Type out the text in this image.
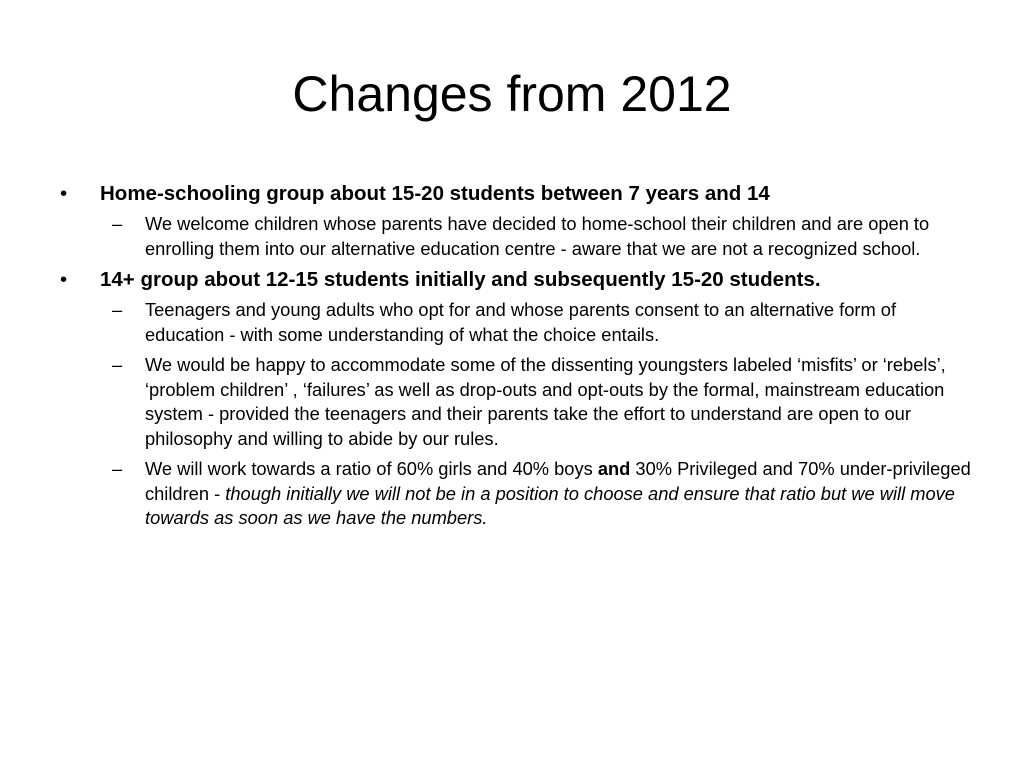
Changes from 2012
• Home-schooling group about 15-20 students between 7 years and 14
– We welcome children whose parents have decided to home-school their children and are open to enrolling them into our alternative education centre - aware that we are not a recognized school.
• 14+ group about 12-15 students initially and subsequently 15-20 students.
– Teenagers and young adults who opt for and whose parents consent to an alternative form of education - with some understanding of what the choice entails.
– We would be happy to accommodate some of the dissenting youngsters labeled ‘misfits’ or ‘rebels’, ‘problem children’ , ‘failures’ as well as drop-outs and opt-outs by the formal, mainstream education system - provided the teenagers and their parents take the effort to understand are open to our philosophy and willing to abide by our rules.
– We will work towards a ratio of 60% girls and 40% boys and 30% Privileged and 70% under-privileged children - though initially we will not be in a position to choose and ensure that ratio but we will move towards as soon as we have the numbers.
